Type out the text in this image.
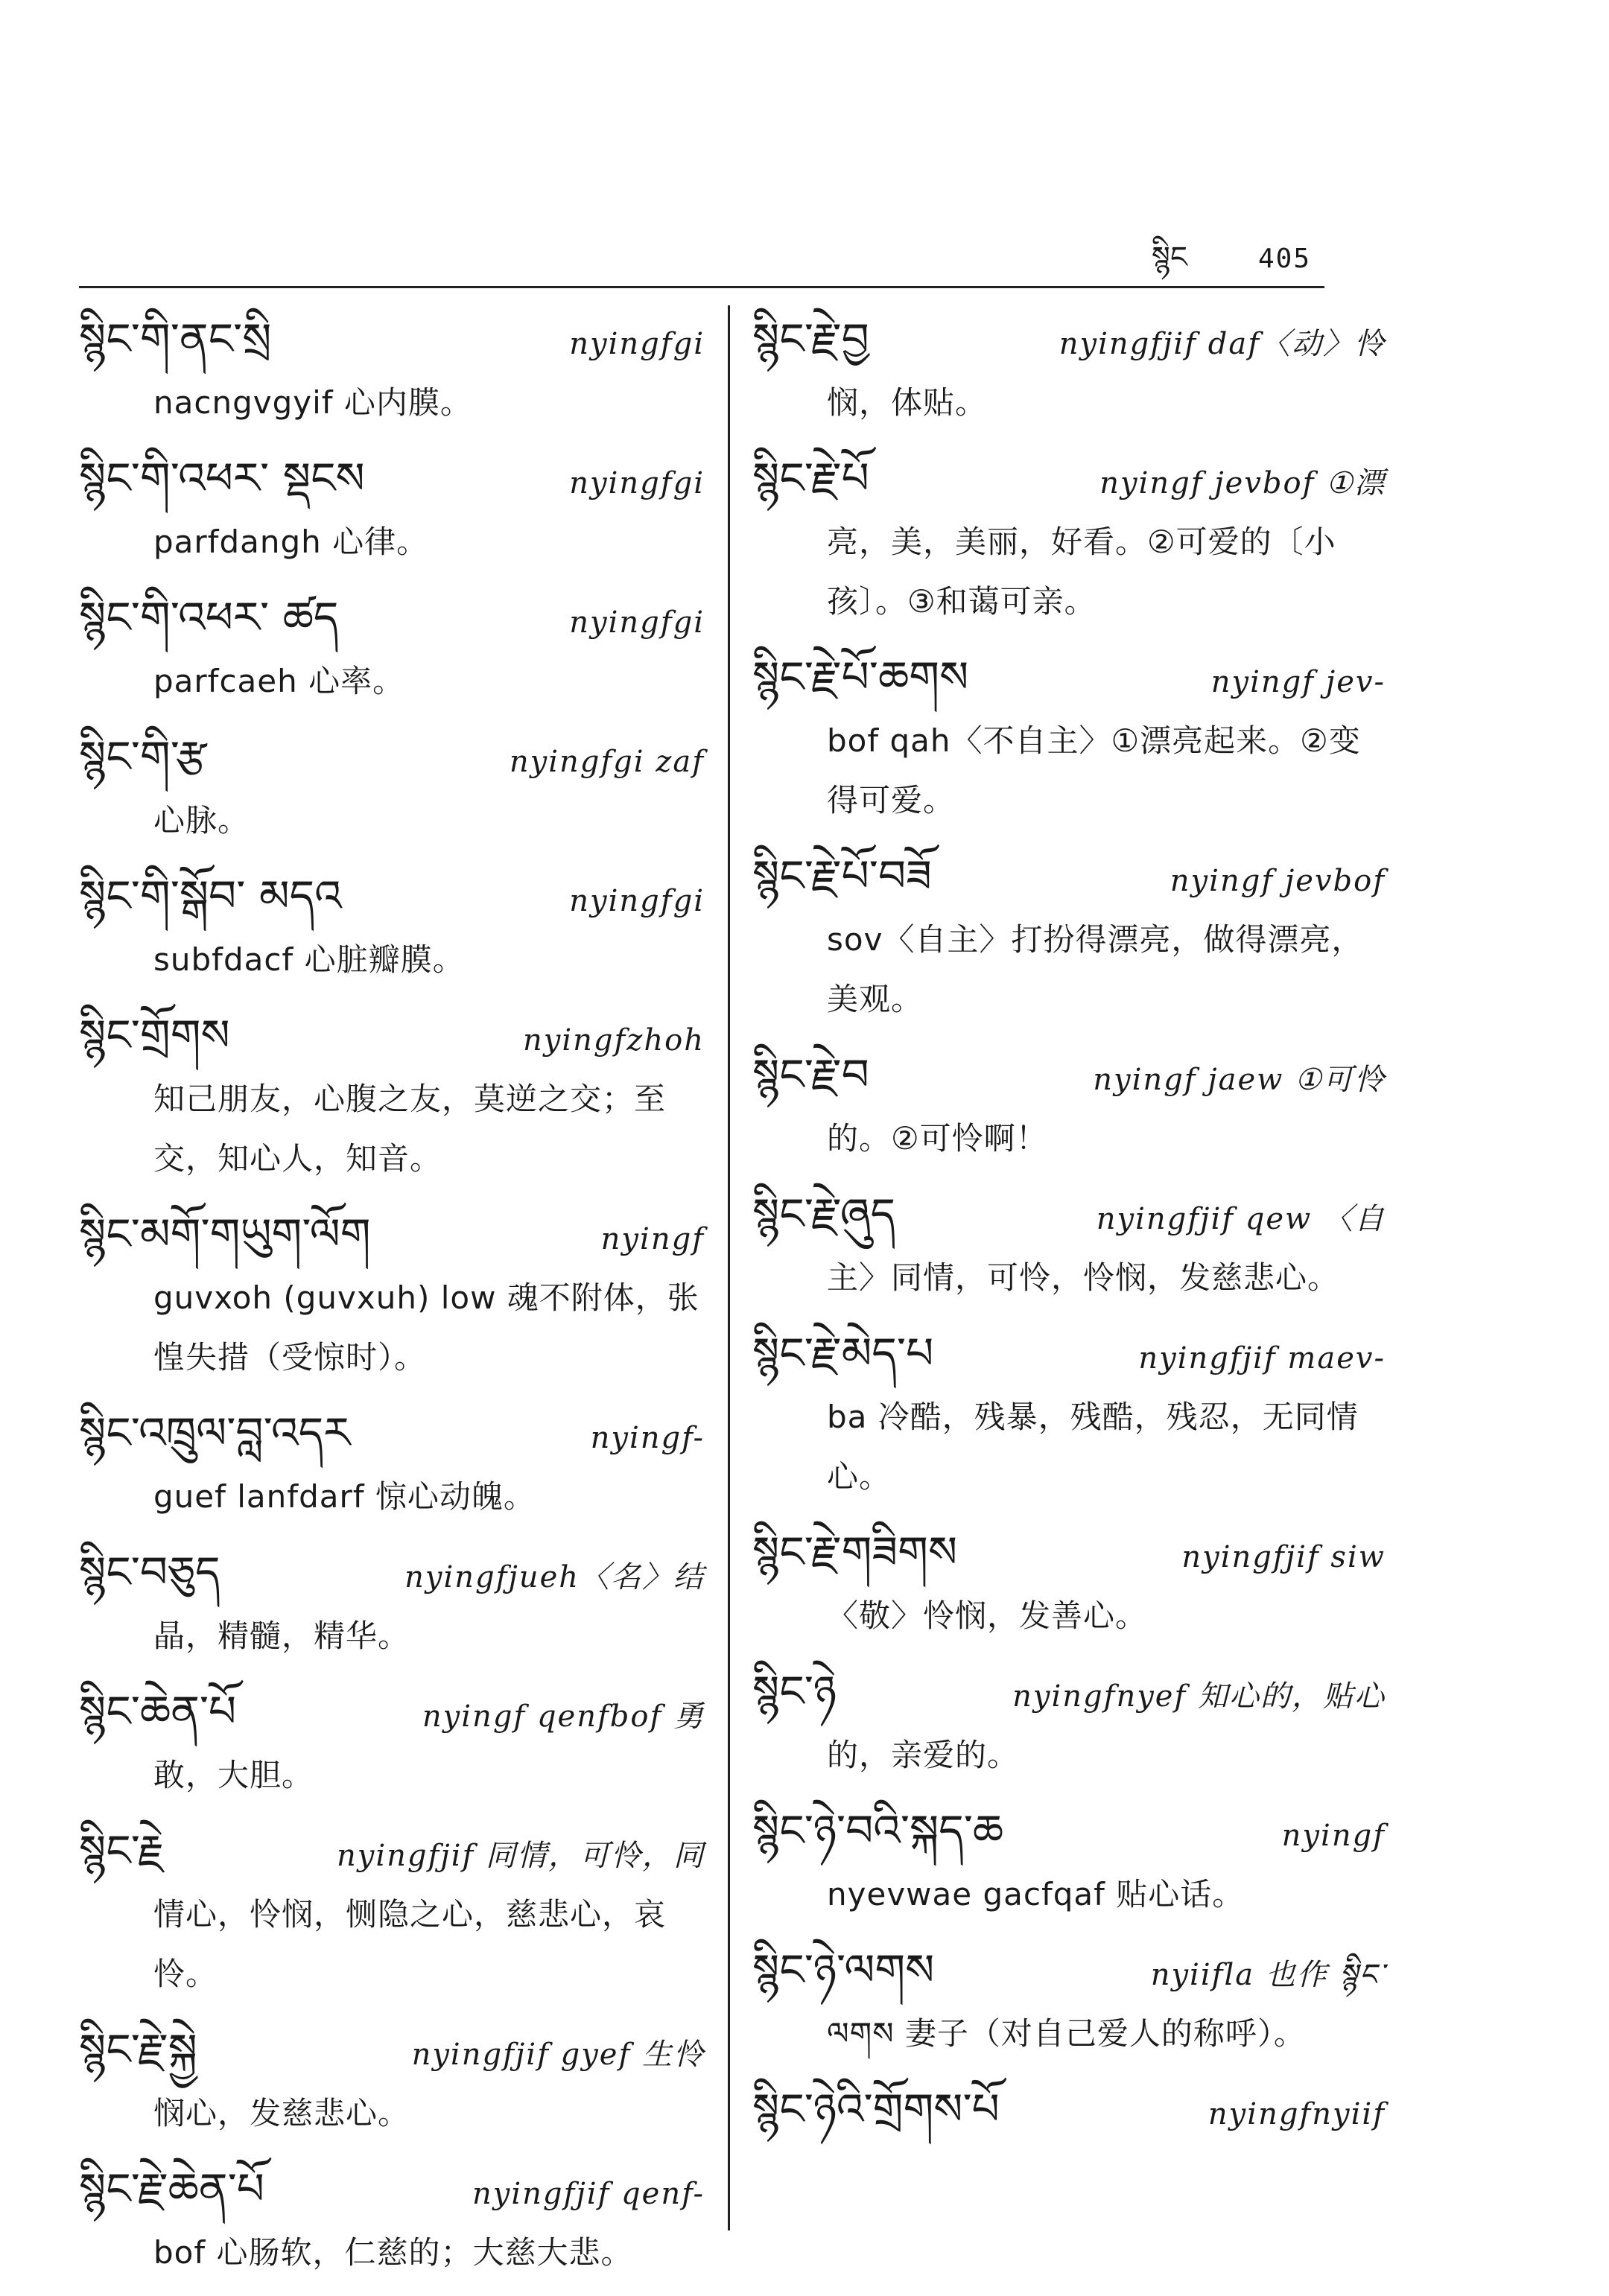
སྙིང	405
སྙིང་གི་ནང་སྲི	nyingfgi
nacngvgyif 心内膜。
སྙིང་གི་འཕར་ སྡངས	nyingfgi
parfdangh 心律。
སྙིང་གི་འཕར་ ཚད	nyingfgi
parfcaeh 心率。
སྙིང་གི་རྩ	nyingfgi zaf
心脉。
སྙིང་གི་སྒོབ་ མདའ	nyingfgi
subfdacf 心脏瓣膜。
སྙིང་གྲོགས	nyingfzhoh
知己朋友，心腹之友，莫逆之交；至交，知心人，知音。
སྙིང་མགོ་གཡུག་ལོག	nyingf
guvxoh (guvxuh) low 魂不附体，张惶失措（受惊时）。
སྙིང་འཁྲུལ་བླ་འདར	nyingf-
guef lanfdarf 惊心动魄。
སྙིང་བཅུད	nyingfjueh〈名〉结
晶，精髓，精华。
སྙིང་ཆེན་པོ	nyingf qenfbof 勇
敢，大胆。
སྙིང་རྗེ	nyingfjif 同情，可怜，同
情心，怜悯，恻隐之心，慈悲心，哀怜。
སྙིང་རྗེ་སྐྱེ	nyingfjif gyef 生怜
悯心，发慈悲心。
སྙིང་རྗེ་ཆེན་པོ	nyingfjif qenf-
bof 心肠软，仁慈的；大慈大悲。
སྙིང་རྗེ་བྱ	nyingfjif daf〈动〉怜
悯，体贴。
སྙིང་རྗེ་པོ	nyingf jevbof ①漂
亮，美，美丽，好看。②可爱的〔小孩〕。③和蔼可亲。
སྙིང་རྗེ་པོ་ཆགས	nyingf jev-
bof qah〈不自主〉①漂亮起来。②变得可爱。
སྙིང་རྗེ་པོ་བཟོ	nyingf jevbof
sov〈自主〉打扮得漂亮，做得漂亮，美观。
སྙིང་རྗེ་བ	nyingf jaew ①可怜
的。②可怜啊！
སྙིང་རྗེ་ཞུད	nyingfjif qew 〈自
主〉同情，可怜，怜悯，发慈悲心。
སྙིང་རྗེ་མེད་པ	nyingfjif maev-
ba 冷酷，残暴，残酷，残忍，无同情心。
སྙིང་རྗེ་གཟིགས	nyingfjif siw
〈敬〉怜悯，发善心。
སྙིང་ཉེ	nyingfnyef 知心的，贴心
的，亲爱的。
སྙིང་ཉེ་བའི་སྐད་ཆ	nyingf
nyevwae gacfqaf 贴心话。
སྙིང་ཉེ་ལགས	nyiifla 也作 སྙིང་
ལགས 妻子（对自己爱人的称呼）。
སྙིང་ཉེའི་གྲོགས་པོ	nyingfnyiif
